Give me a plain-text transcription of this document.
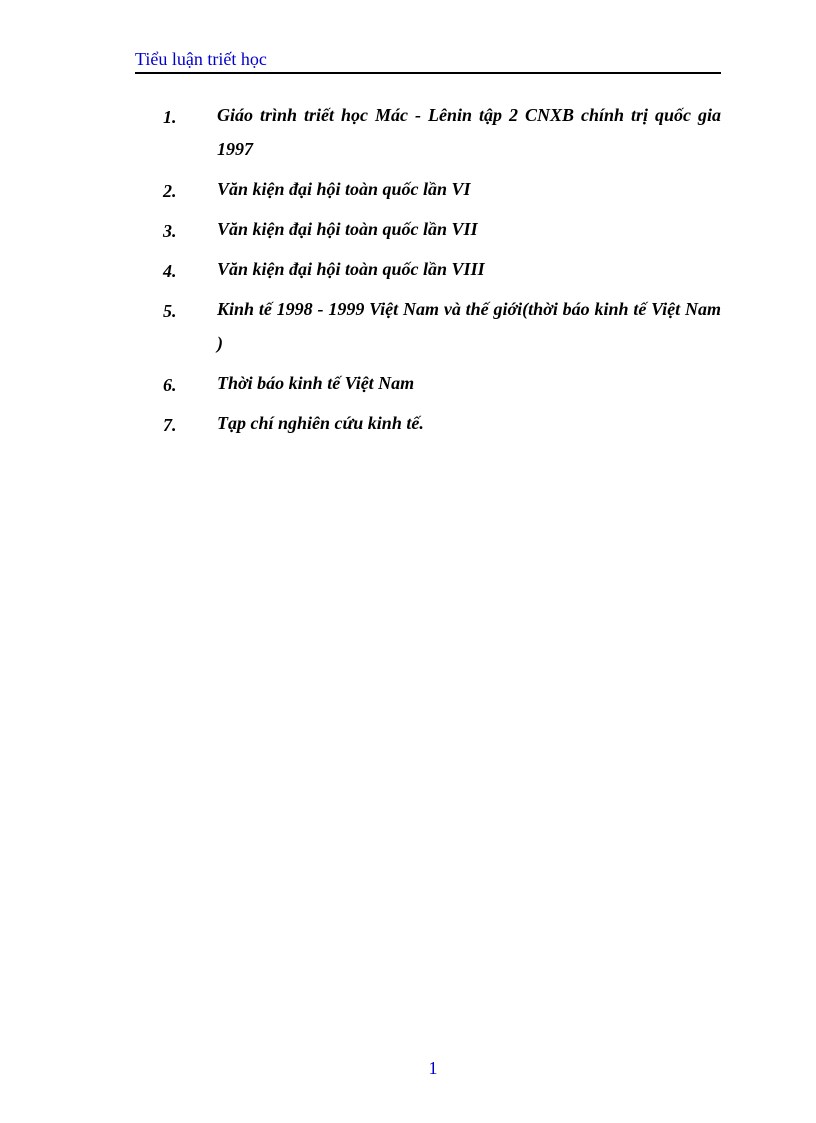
Tiểu luận triết học
1.	Giáo trình triết học Mác - Lênin tập 2 CNXB chính trị quốc gia 1997
2.	Văn kiện đại hội toàn quốc lần VI
3.	Văn kiện đại hội toàn quốc lần VII
4.	Văn kiện đại hội toàn quốc lần VIII
5.	Kinh tế 1998 - 1999 Việt Nam và thế giới(thời báo kinh tế Việt Nam )
6.	Thời báo kinh tế Việt Nam
7.	Tạp chí nghiên cứu kinh tế.
1
